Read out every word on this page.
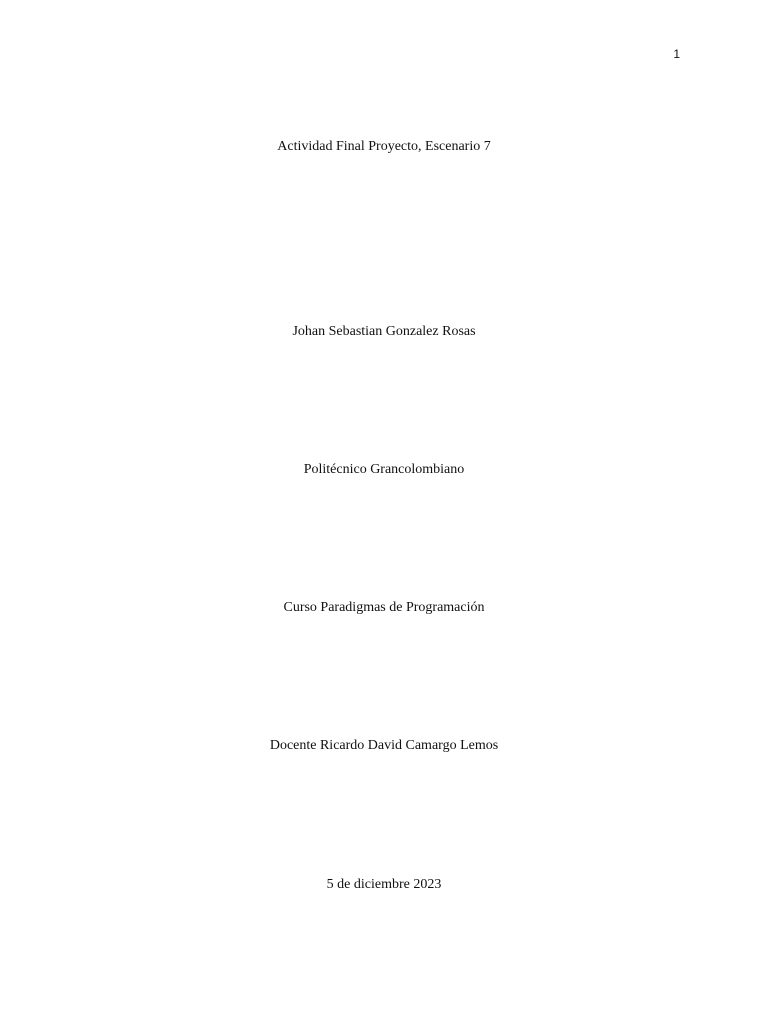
1
Actividad Final Proyecto, Escenario 7
Johan Sebastian Gonzalez Rosas
Politécnico Grancolombiano
Curso Paradigmas de Programación
Docente Ricardo David Camargo Lemos
5 de diciembre 2023
